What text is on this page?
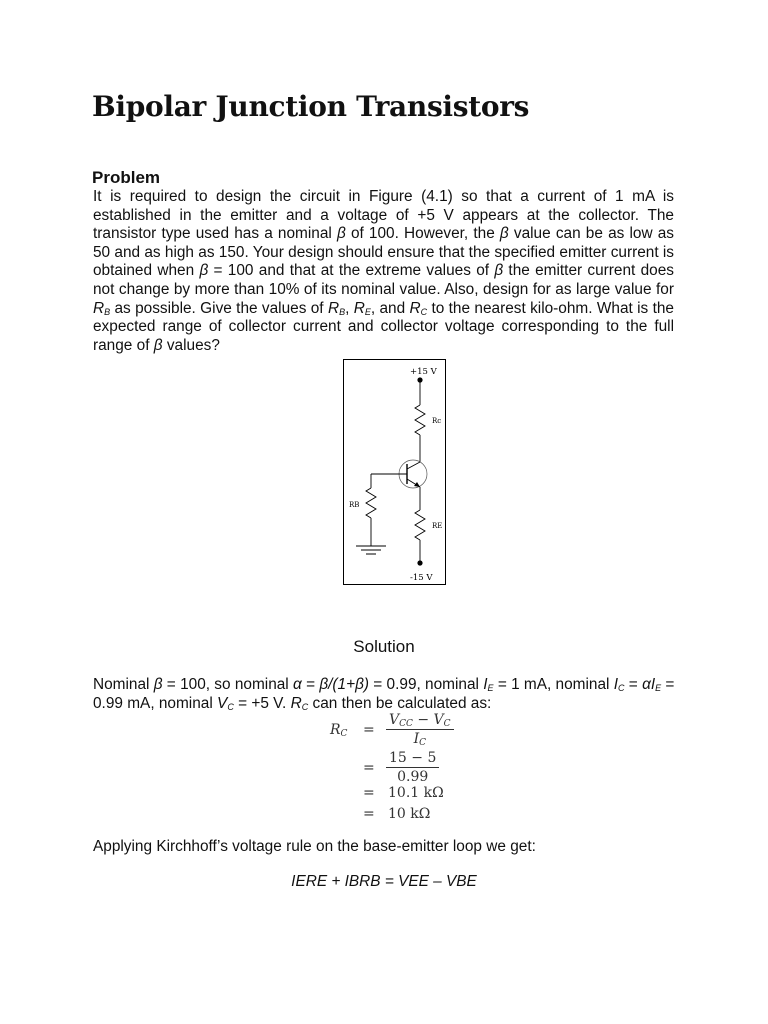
Bipolar Junction Transistors
Problem

It is required to design the circuit in Figure (4.1) so that a current of 1 mA is established in the emitter and a voltage of +5 V appears at the collector. The transistor type used has a nominal β of 100. However, the β value can be as low as 50 and as high as 150. Your design should ensure that the specified emitter current is obtained when β = 100 and that at the extreme values of β the emitter current does not change by more than 10% of its nominal value. Also, design for as large value for $R_B$ as possible. Give the values of $R_B$, $R_E$, and $R_C$ to the nearest kilo-ohm. What is the expected range of collector current and collector voltage corresponding to the full range of β values?

+15 V
Rc
RB
RE
-15 V
Solution

Nominal β = 100, so nominal α = β/(1+β) = 0.99, nominal $I_E = 1$ mA, nominal $I_C = \alpha I_E = 0.99$ mA, nominal $V_C = +5$ V. $R_C$ can then be calculated as:

$R_C$ =
$V_{CC} - V_C$
$I_C$
= $\frac{15 - 5}{0.99}$
= 10.1 kΩ
= 10 kΩ

Applying Kirchhoff’s voltage rule on the base-emitter loop we get:

IERE + IBRB = VEE – VBE
